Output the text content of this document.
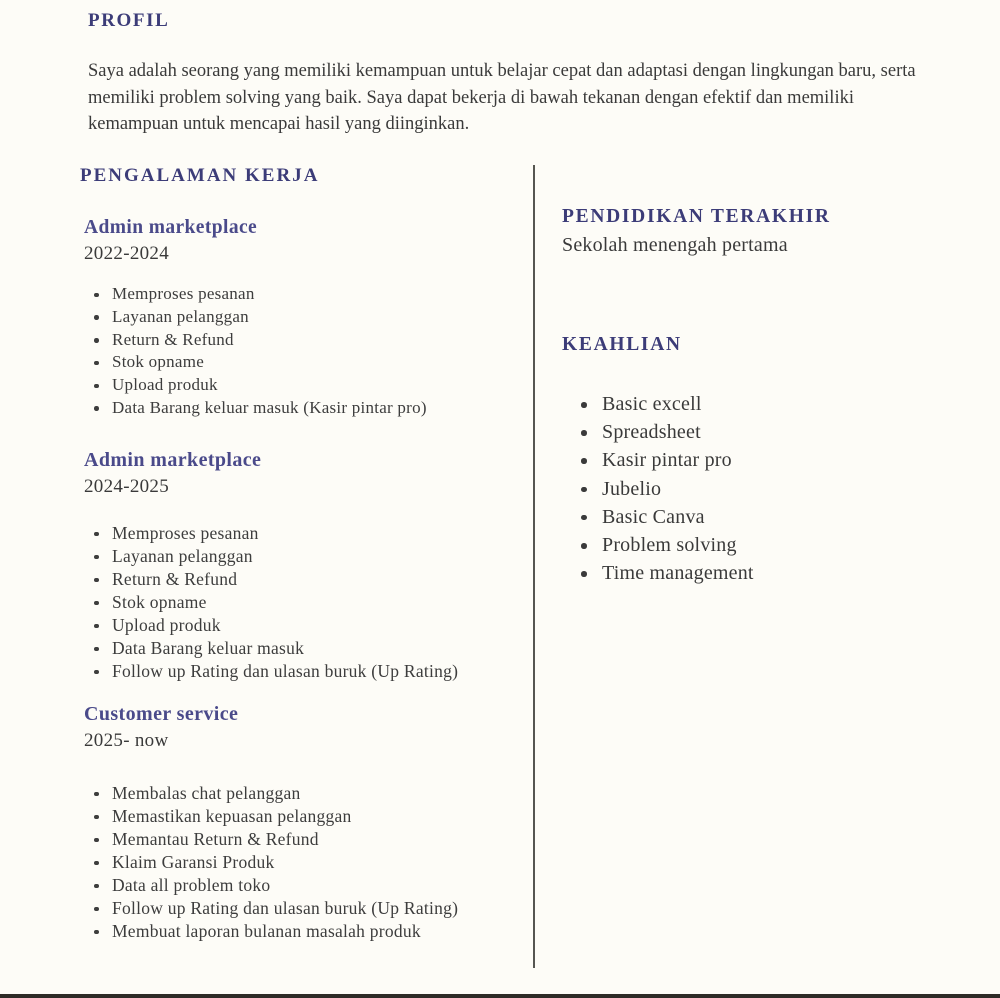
PROFIL
Saya adalah seorang yang memiliki kemampuan untuk belajar cepat dan adaptasi dengan lingkungan baru, serta memiliki problem solving yang baik. Saya dapat bekerja di bawah tekanan dengan efektif dan memiliki kemampuan untuk mencapai hasil yang diinginkan.
PENGALAMAN KERJA

Admin marketplace

2022-2024

Memproses pesanan
Layanan pelanggan
Return & Refund
Stok opname
Upload produk
Data Barang keluar masuk (Kasir pintar pro)

Admin marketplace

2024-2025

Memproses pesanan
Layanan pelanggan
Return & Refund
Stok opname
Upload produk
Data Barang keluar masuk
Follow up Rating dan ulasan buruk (Up Rating)

Customer service

2025- now

Membalas chat pelanggan
Memastikan kepuasan pelanggan
Memantau Return & Refund
Klaim Garansi Produk
Data all problem toko
Follow up Rating dan ulasan buruk (Up Rating)
Membuat laporan bulanan masalah produk
PENDIDIKAN TERAKHIR
Sekolah menengah pertama
KEAHLIAN
Basic excell
Spreadsheet
Kasir pintar pro
Jubelio
Basic Canva
Problem solving
Time management
